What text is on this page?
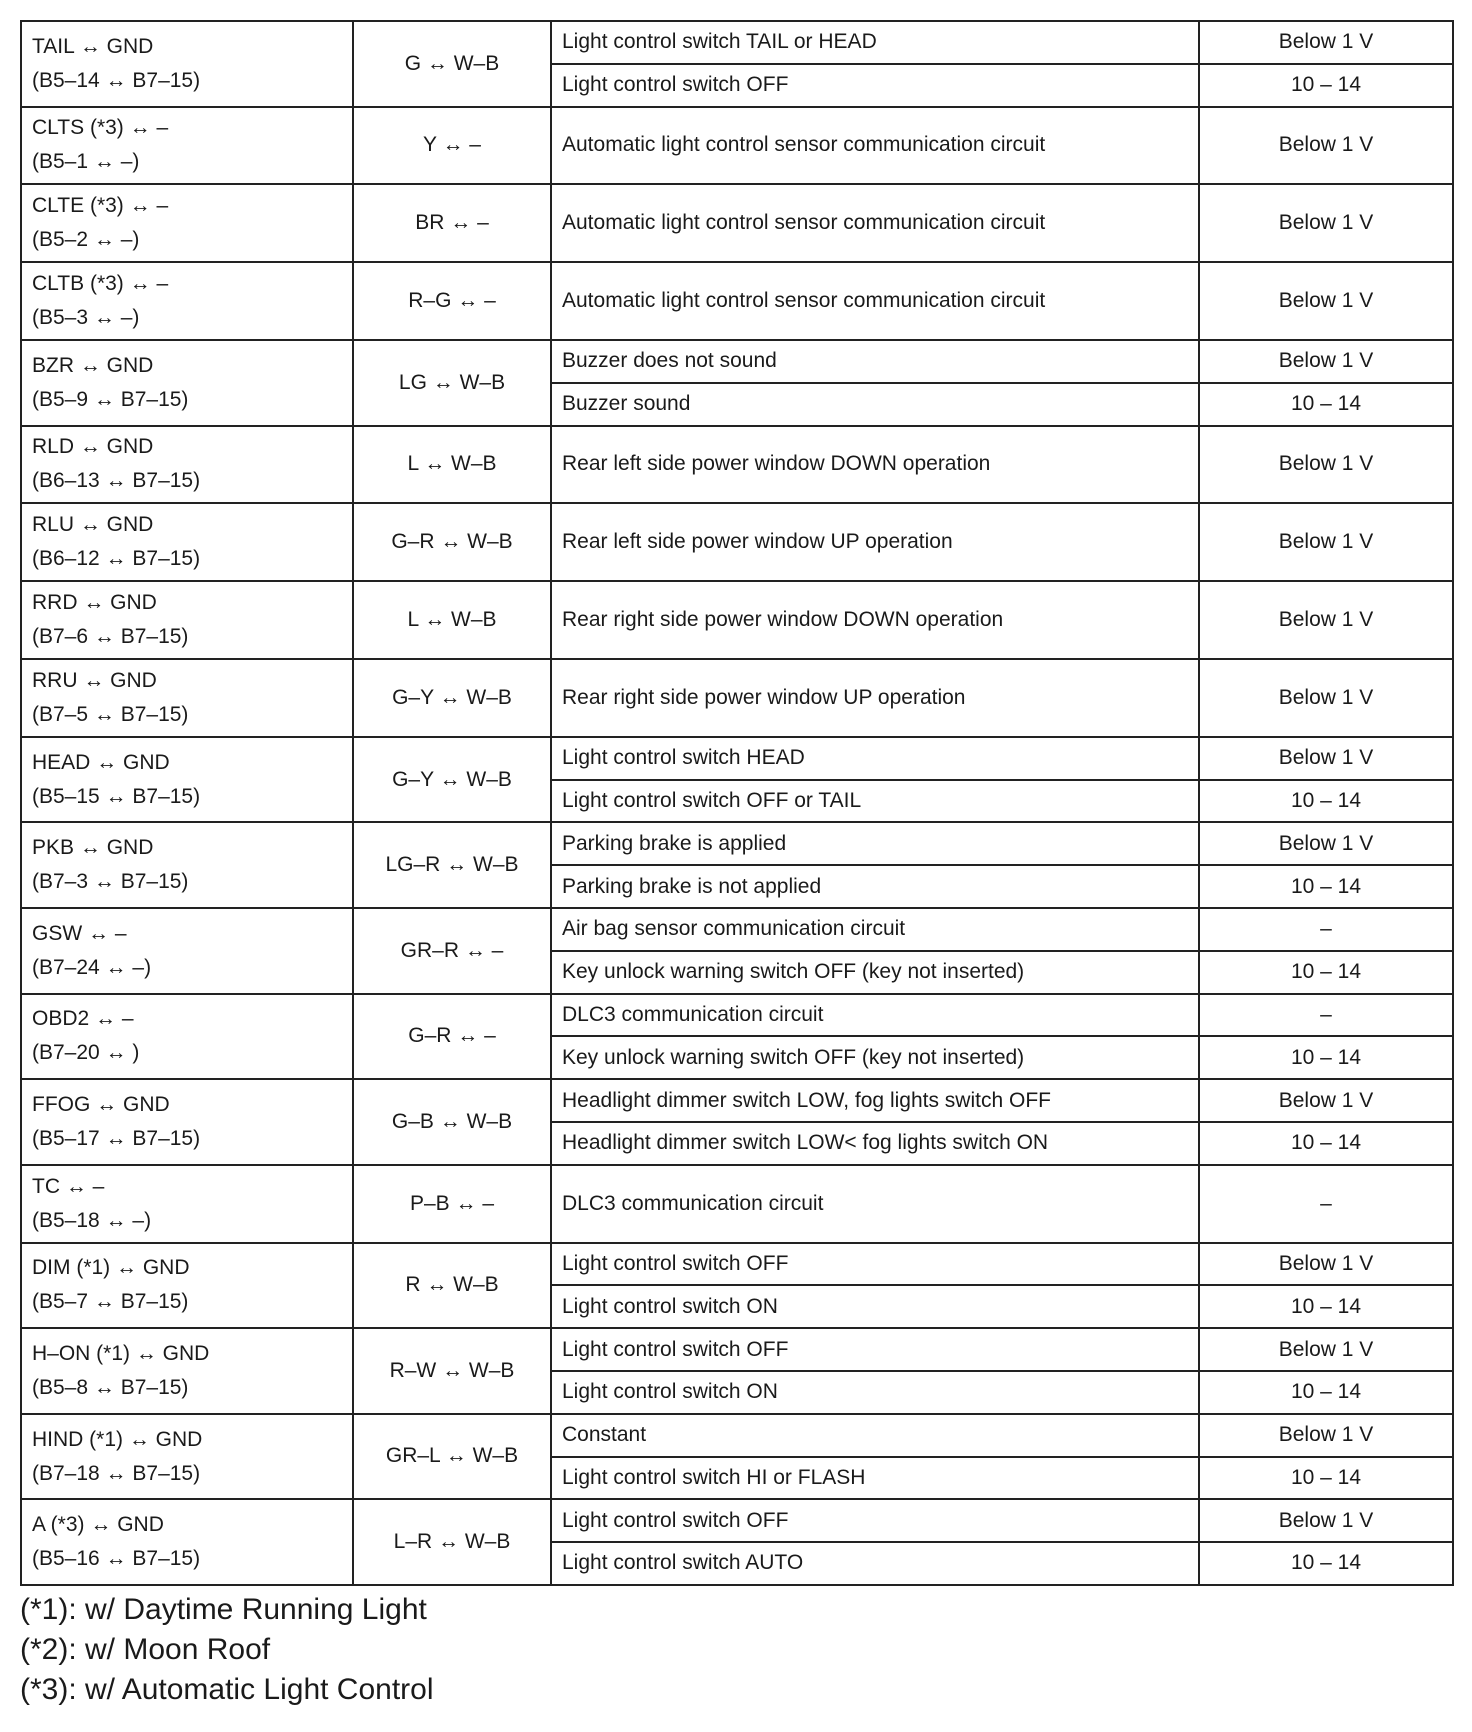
TAIL ↔ GND
(B5–14 ↔ B7–15)	G ↔ W–B	Light control switch TAIL or HEAD	Below 1 V
		Light control switch OFF	10 – 14

CLTS (*3) ↔ –
(B5–1 ↔ –)	Y ↔ –	Automatic light control sensor communication circuit	Below 1 V

CLTE (*3) ↔ –
(B5–2 ↔ –)	BR ↔ –	Automatic light control sensor communication circuit	Below 1 V

CLTB (*3) ↔ –
(B5–3 ↔ –)	R–G ↔ –	Automatic light control sensor communication circuit	Below 1 V

BZR ↔ GND
(B5–9 ↔ B7–15)	LG ↔ W–B	Buzzer does not sound	Below 1 V
		Buzzer sound	10 – 14

RLD ↔ GND
(B6–13 ↔ B7–15)	L ↔ W–B	Rear left side power window DOWN operation	Below 1 V

RLU ↔ GND
(B6–12 ↔ B7–15)	G–R ↔ W–B	Rear left side power window UP operation	Below 1 V

RRD ↔ GND
(B7–6 ↔ B7–15)	L ↔ W–B	Rear right side power window DOWN operation	Below 1 V

RRU ↔ GND
(B7–5 ↔ B7–15)	G–Y ↔ W–B	Rear right side power window UP operation	Below 1 V

HEAD ↔ GND
(B5–15 ↔ B7–15)	G–Y ↔ W–B	Light control switch HEAD	Below 1 V
		Light control switch OFF or TAIL	10 – 14

PKB ↔ GND
(B7–3 ↔ B7–15)	LG–R ↔ W–B	Parking brake is applied	Below 1 V
		Parking brake is not applied	10 – 14

GSW ↔ –
(B7–24 ↔ –)	GR–R ↔ –	Air bag sensor communication circuit	–
		Key unlock warning switch OFF (key not inserted)	10 – 14

OBD2 ↔ –
(B7–20 ↔ )	G–R ↔ –	DLC3 communication circuit	–
		Key unlock warning switch OFF (key not inserted)	10 – 14

FFOG ↔ GND
(B5–17 ↔ B7–15)	G–B ↔ W–B	Headlight dimmer switch LOW, fog lights switch OFF	Below 1 V
		Headlight dimmer switch LOW< fog lights switch ON	10 – 14

TC ↔ –
(B5–18 ↔ –)	P–B ↔ –	DLC3 communication circuit	–

DIM (*1) ↔ GND
(B5–7 ↔ B7–15)	R ↔ W–B	Light control switch OFF	Below 1 V
		Light control switch ON	10 – 14

H–ON (*1) ↔ GND
(B5–8 ↔ B7–15)	R–W ↔ W–B	Light control switch OFF	Below 1 V
		Light control switch ON	10 – 14

HIND (*1) ↔ GND
(B7–18 ↔ B7–15)	GR–L ↔ W–B	Constant	Below 1 V
		Light control switch HI or FLASH	10 – 14

A (*3) ↔ GND
(B5–16 ↔ B7–15)	L–R ↔ W–B	Light control switch OFF	Below 1 V
		Light control switch AUTO	10 – 14
(*1): w/ Daytime Running Light
(*2): w/ Moon Roof
(*3): w/ Automatic Light Control
